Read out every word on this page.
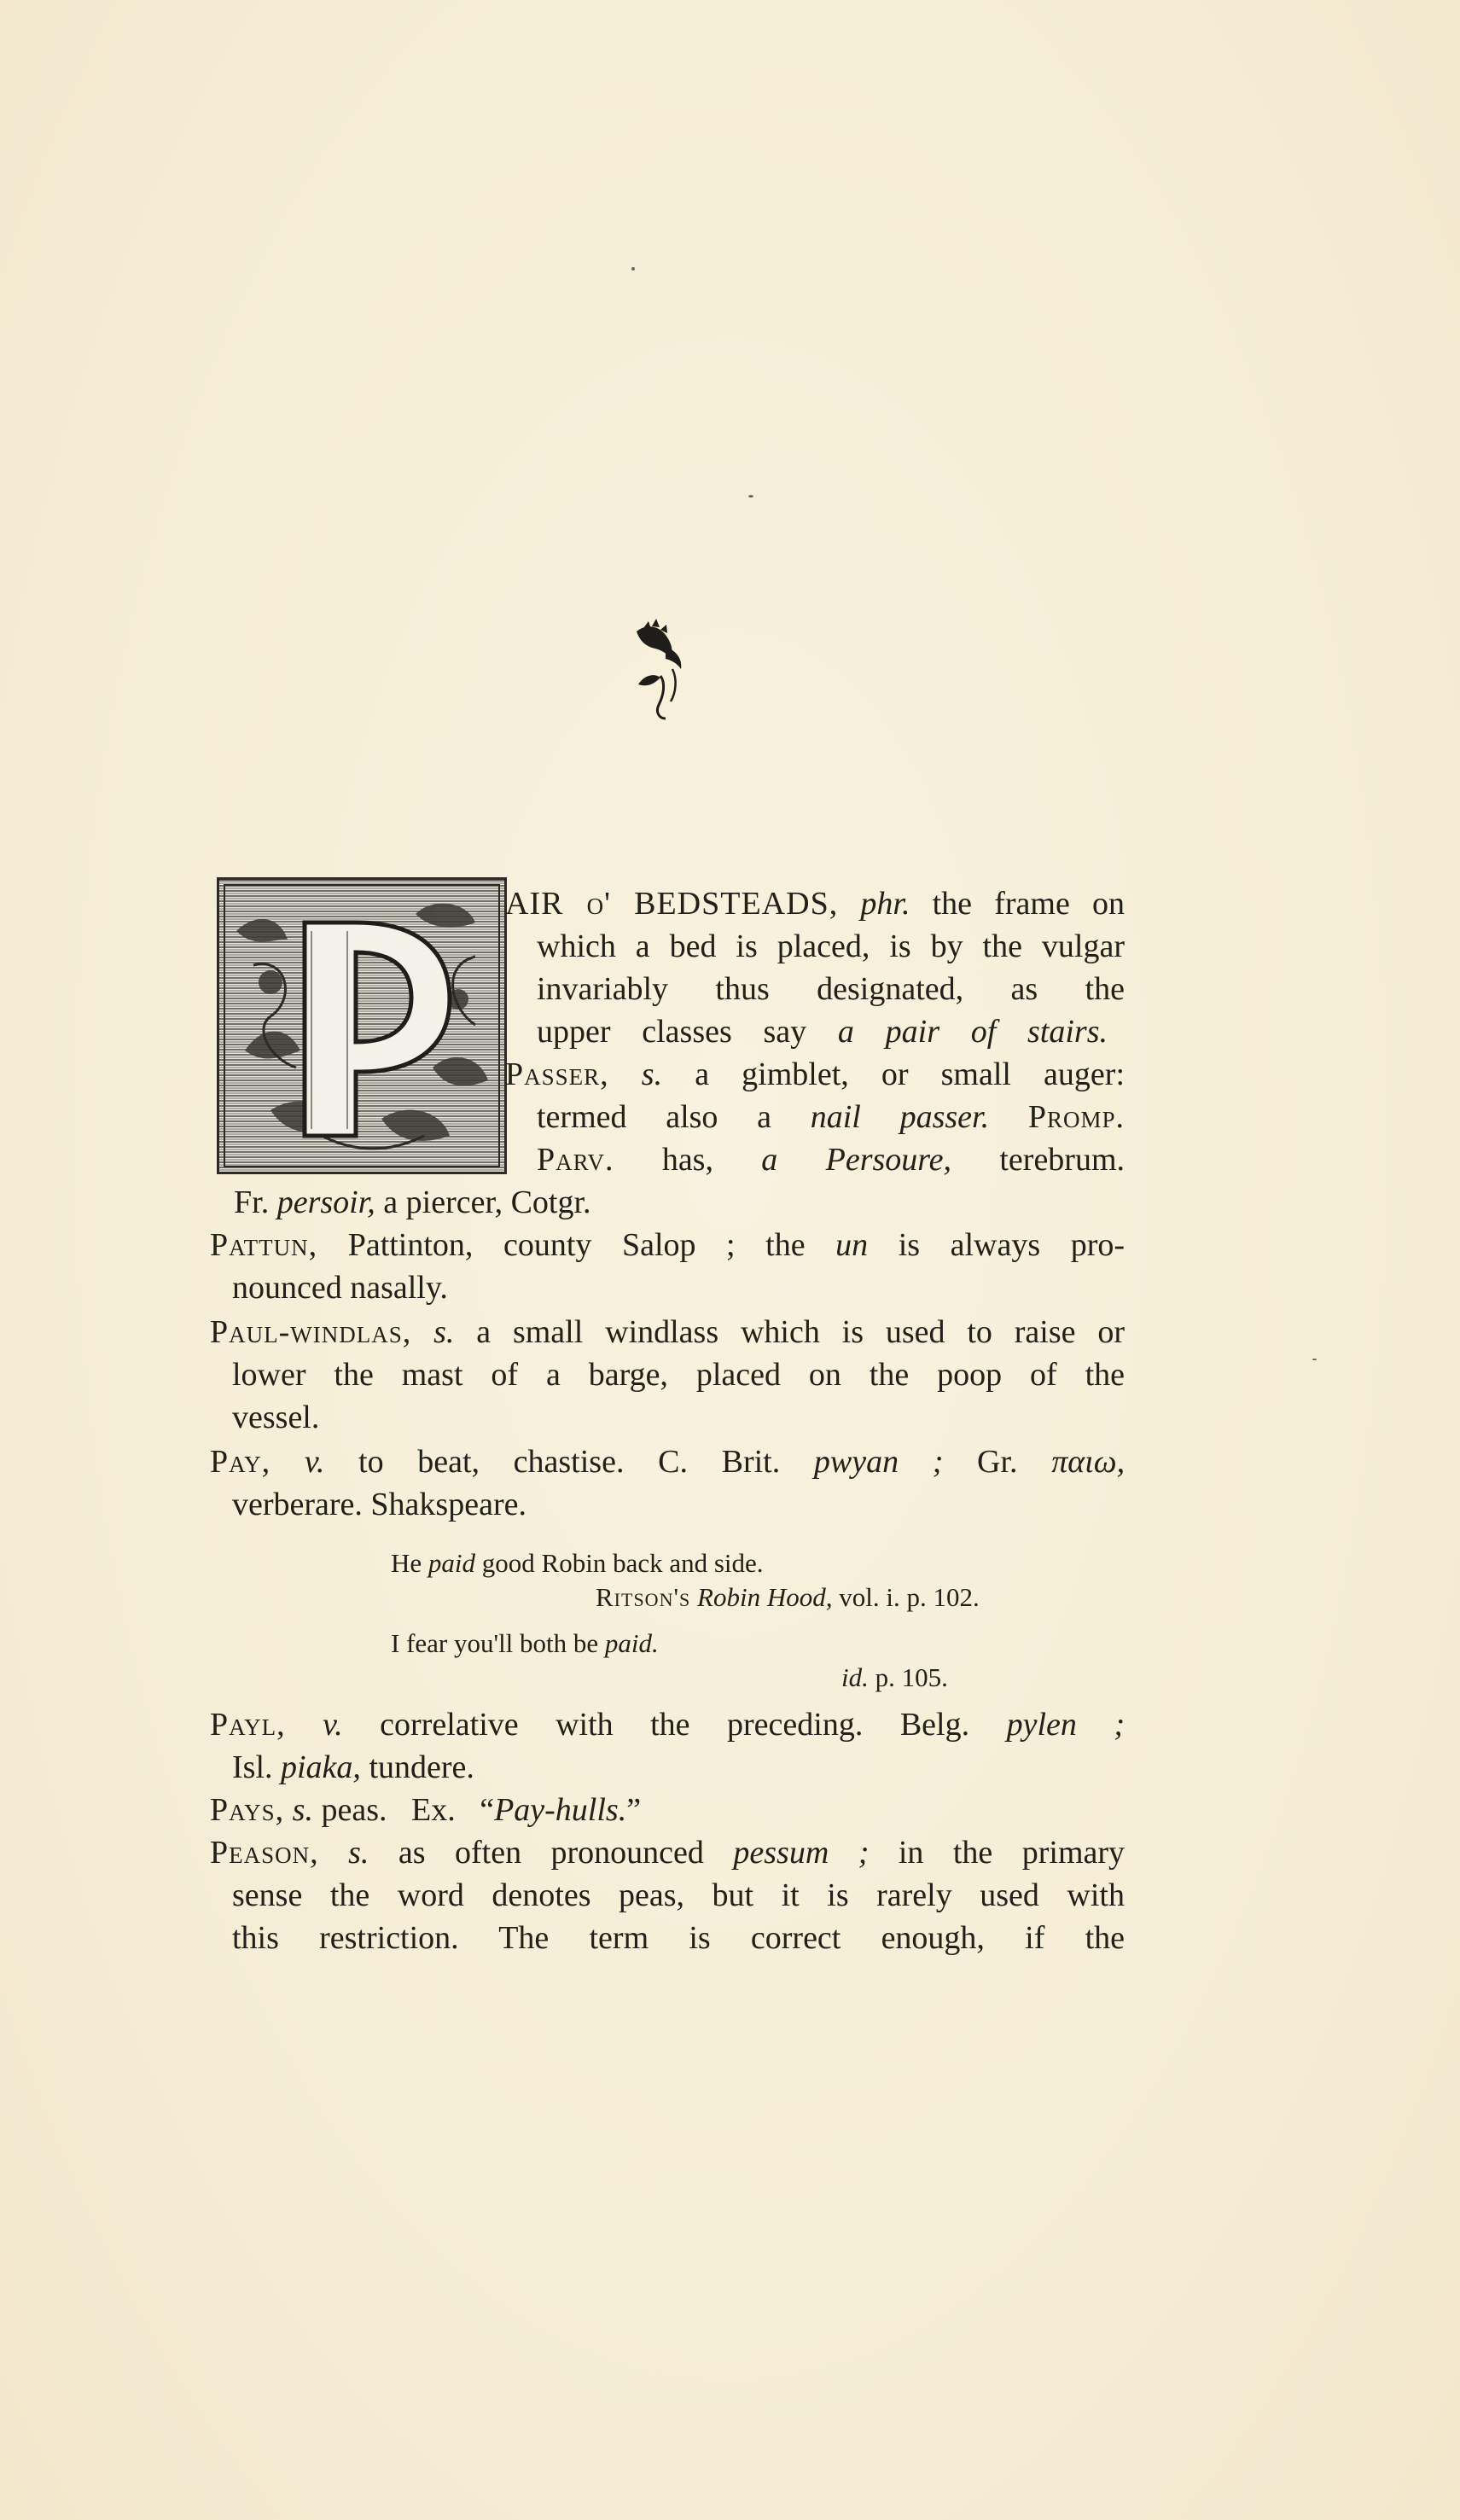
AIR o' BEDSTEADS, phr. the frame on
which a bed is placed, is by the vulgar
invariably thus designated, as the
upper classes say a pair of stairs.
Passer, s. a gimblet, or small auger:
termed also a nail passer. Promp.
Parv. has, a Persoure, terebrum.
Fr. persoir, a piercer, Cotgr.
Pattun, Pattinton, county Salop ; the un is always pro-
nounced nasally.
Paul-windlas, s. a small windlass which is used to raise or
lower the mast of a barge, placed on the poop of the
vessel.
Pay, v. to beat, chastise. C. Brit. pwyan ; Gr. παιω,
verberare. Shakspeare.
Payl, v. correlative with the preceding. Belg. pylen ;
Isl. piaka, tundere.
Pays, s. peas.   Ex.   “Pay-hulls.”
Peason, s. as often pronounced pessum ; in the primary
sense the word denotes peas, but it is rarely used with
this restriction. The term is correct enough, if the
He paid good Robin back and side.
Ritson's Robin Hood, vol. i. p. 102.
I fear you'll both be paid.
id. p. 105.
